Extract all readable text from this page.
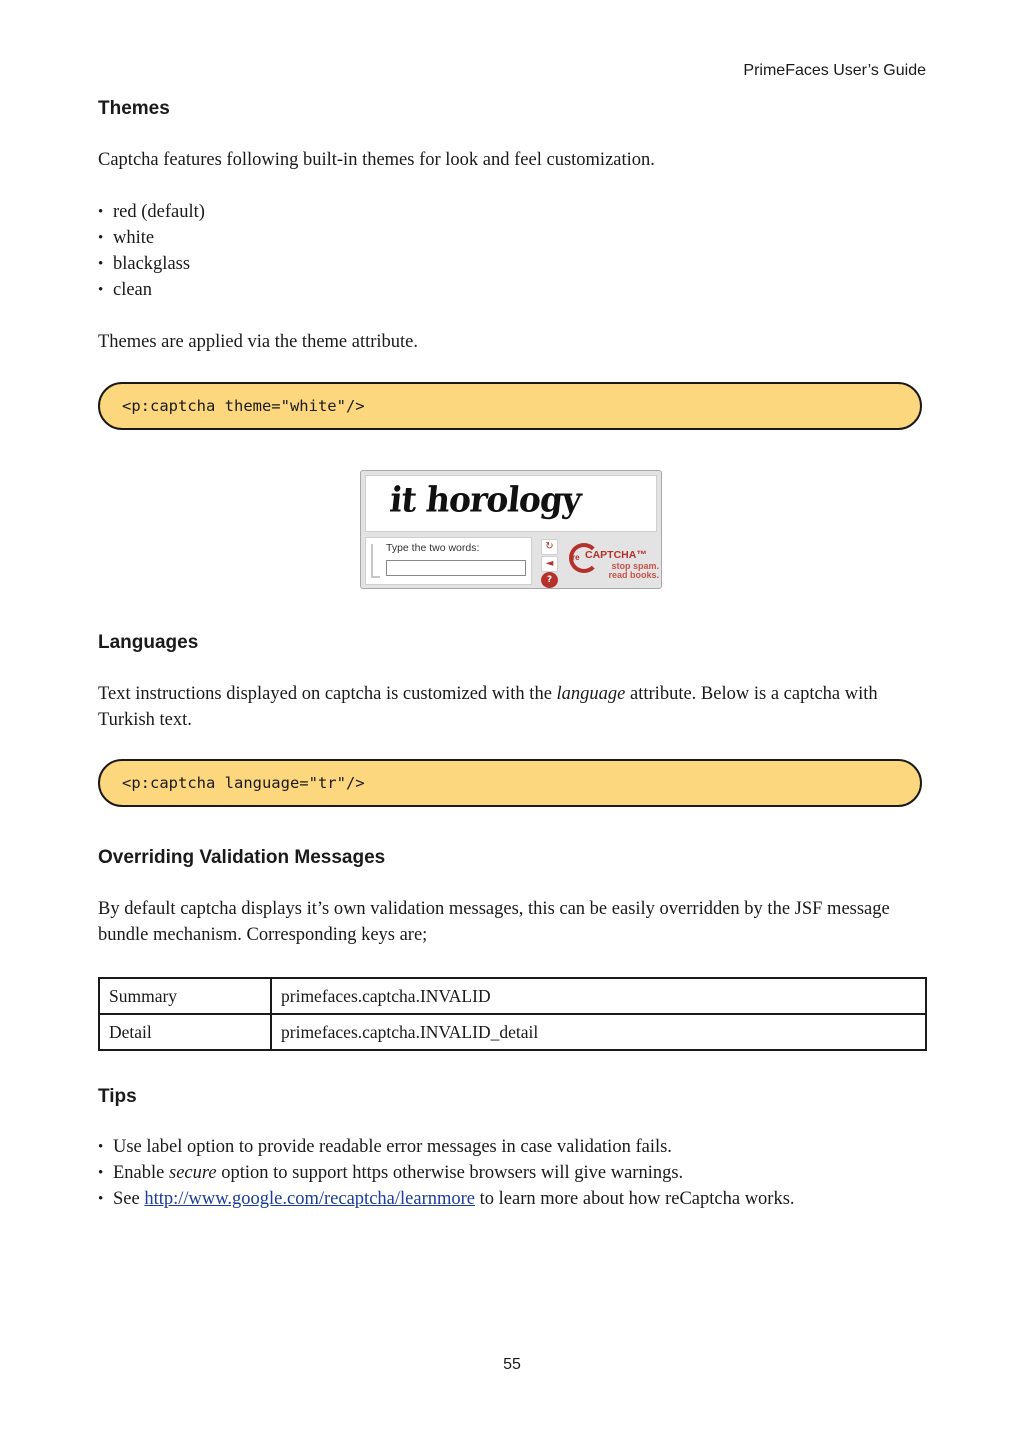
PrimeFaces User’s Guide
Themes

Captcha features following built-in themes for look and feel customization.

• red (default)
• white
• blackglass
• clean

Themes are applied via the theme attribute.

<p:captcha theme="white"/>
it horology
Type the two words:	↻
◄
?
re CAPTCHA™
stop spam.
read books.
Languages

Text instructions displayed on captcha is customized with the language attribute. Below is a captcha with Turkish text.

<p:captcha language="tr"/>
Overriding Validation Messages

By default captcha displays it’s own validation messages, this can be easily overridden by the JSF message bundle mechanism. Corresponding keys are;

Summary	primefaces.captcha.INVALID
Detail	primefaces.captcha.INVALID_detail
Tips
• Use label option to provide readable error messages in case validation fails.
• Enable secure option to support https otherwise browsers will give warnings.
• See http://www.google.com/recaptcha/learnmore to learn more about how reCaptcha works.
55
